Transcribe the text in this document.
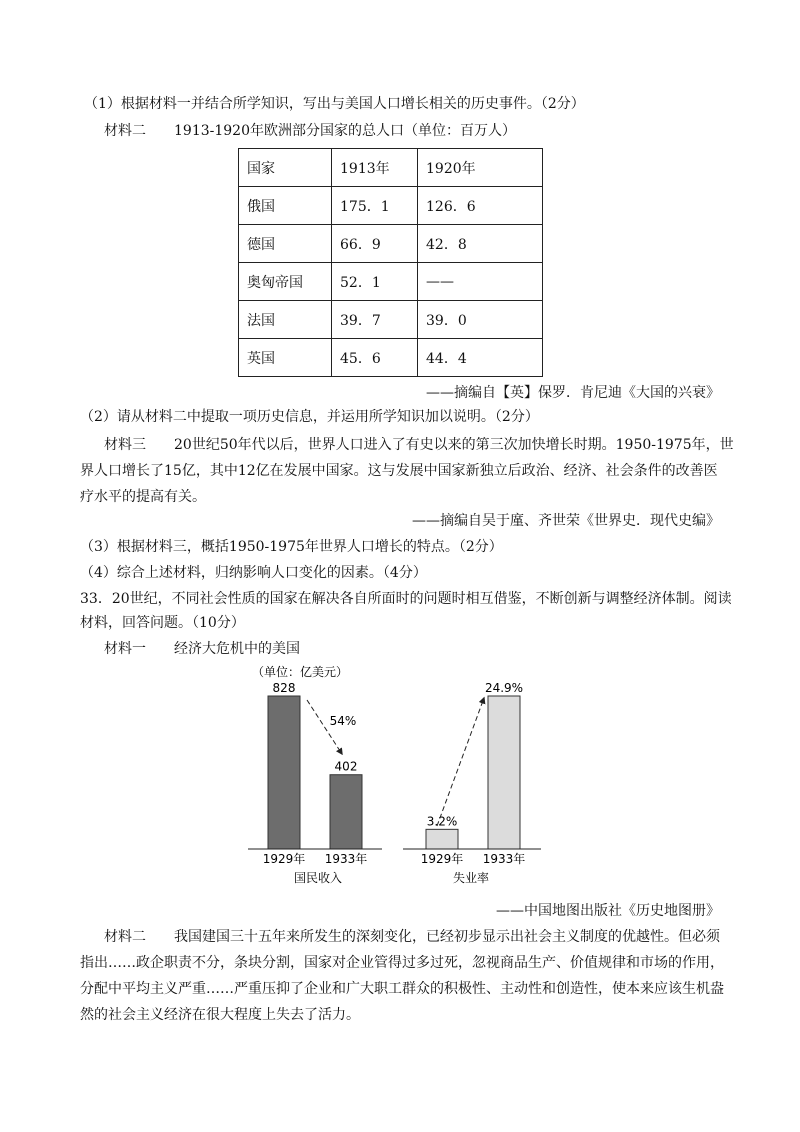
（1）根据材料一并结合所学知识，写出与美国人口增长相关的历史事件。（2分）
材料二　　1913-1920年欧洲部分国家的总人口（单位：百万人）
国家	1913年	1920年
俄国	175．1	126．6
德国	66．9	42．8
奥匈帝国	52．1	——
法国	39．7	39．0
英国	45．6	44．4
——摘编自【英】保罗．肯尼迪《大国的兴衰》
（2）请从材料二中提取一项历史信息，并运用所学知识加以说明。（2分）
材料三　　20世纪50年代以后，世界人口进入了有史以来的第三次加快增长时期。1950-1975年，世
界人口增长了15亿，其中12亿在发展中国家。这与发展中国家新独立后政治、经济、社会条件的改善医
疗水平的提高有关。
——摘编自吴于廑、齐世荣《世界史．现代史编》
（3）根据材料三，概括1950-1975年世界人口增长的特点。（2分）
（4）综合上述材料，归纳影响人口变化的因素。（4分）
33．20世纪，不同社会性质的国家在解决各自所面时的问题时相互借鉴，不断创新与调整经济体制。阅读
材料，回答问题。（10分）
材料一　　经济大危机中的美国
（单位：亿美元）
828
402
54%
1929年 1933年
国民收入
3.2%
24.9%
1929年 1933年
失业率
——中国地图出版社《历史地图册》
材料二　　我国建国三十五年来所发生的深刻变化，已经初步显示出社会主义制度的优越性。但必须
指出……政企职责不分，条块分割，国家对企业管得过多过死，忽视商品生产、价值规律和市场的作用，
分配中平均主义严重……严重压抑了企业和广大职工群众的积极性、主动性和创造性，使本来应该生机盎
然的社会主义经济在很大程度上失去了活力。
